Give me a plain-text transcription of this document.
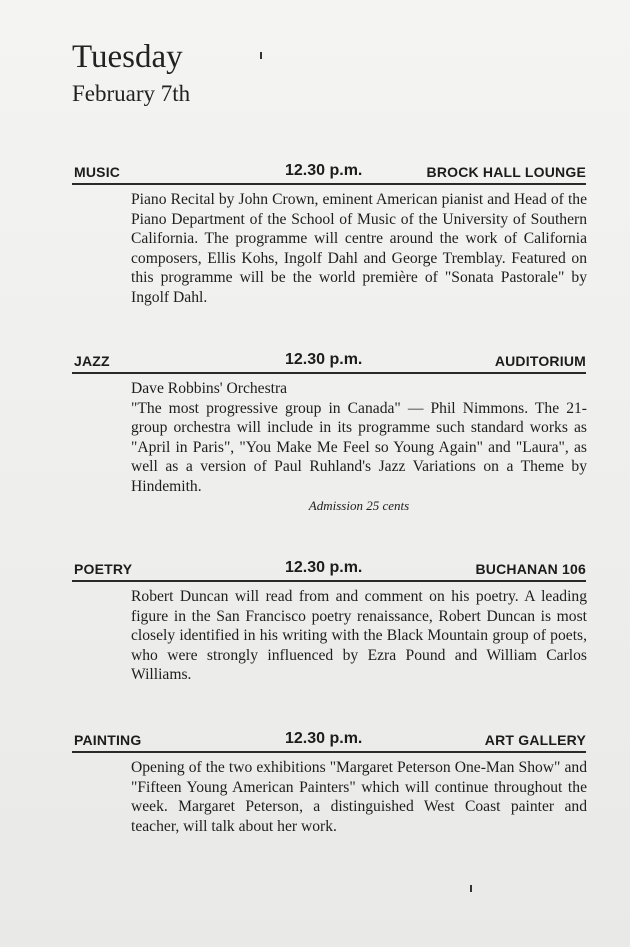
Tuesday
February 7th
MUSIC	12.30 p.m.	BROCK HALL LOUNGE

Piano Recital by John Crown, eminent American pianist and Head of the Piano Department of the School of Music of the University of Southern California. The programme will centre around the work of California composers, Ellis Kohs, Ingolf Dahl and George Tremblay. Featured on this programme will be the world première of "Sonata Pastorale" by Ingolf Dahl.

JAZZ	12.30 p.m.	AUDITORIUM

Dave Robbins' Orchestra

"The most progressive group in Canada" — Phil Nimmons. The 21-group orchestra will include in its programme such standard works as "April in Paris", "You Make Me Feel so Young Again" and "Laura", as well as a version of Paul Ruhland's Jazz Variations on a Theme by Hindemith.

Admission 25 cents

POETRY	12.30 p.m.	BUCHANAN 106

Robert Duncan will read from and comment on his poetry. A leading figure in the San Francisco poetry renaissance, Robert Duncan is most closely identified in his writing with the Black Mountain group of poets, who were strongly influenced by Ezra Pound and William Carlos Williams.

PAINTING	12.30 p.m.	ART GALLERY

Opening of the two exhibitions "Margaret Peterson One-Man Show" and "Fifteen Young American Painters" which will continue throughout the week. Margaret Peterson, a distinguished West Coast painter and teacher, will talk about her work.
